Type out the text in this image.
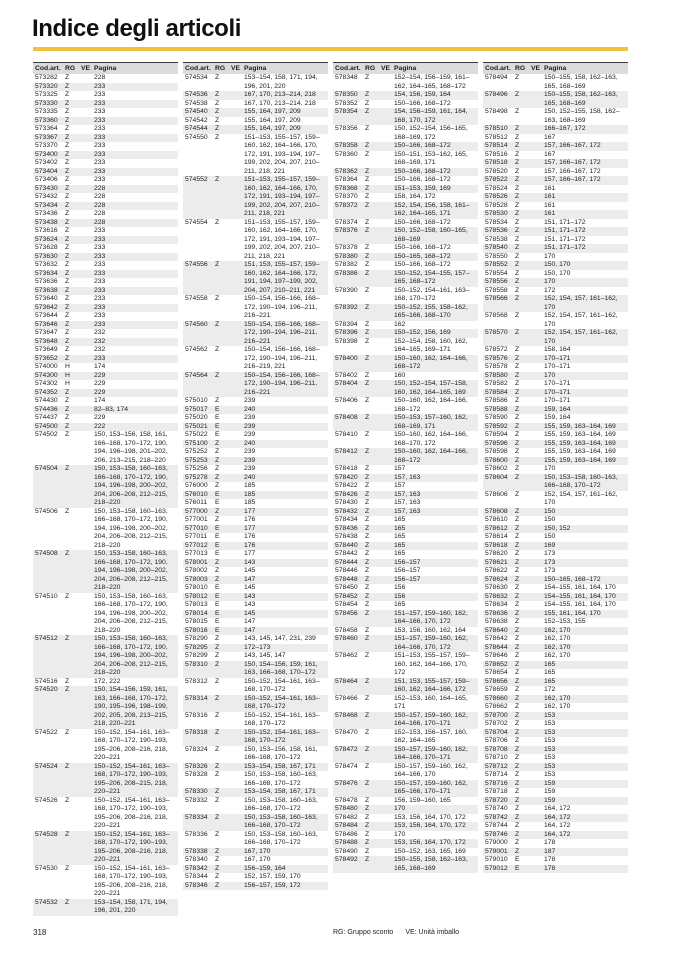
Indice degli articoli
Cod.art. RG VE Pagina
573282	Z	228
573320	Z	233
573325	Z	233
573330	Z	233
573335	Z	233
573360	Z	233
573364	Z	233
573367	Z	233
573370	Z	233
573400	Z	233
573402	Z	233
573404	Z	233
573406	Z	233
573430	Z	228
573432	Z	228
573434	Z	228
573436	Z	228
573438	Z	228
573616	Z	233
573624	Z	233
573628	Z	233
573630	Z	233
573632	Z	233
573634	Z	233
573636	Z	233
573638	Z	233
573640	Z	233
573642	Z	233
573644	Z	233
573646	Z	233
573647	Z	232
573648	Z	232
573649	Z	232
573652	Z	233
574000	H	174
574300	H	229
574302	H	229
574352	Z	229
574430	Z	174
574436	Z	82–83, 174
574437	Z	229
574500	Z	222
574502	Z	150, 153–156, 158, 161, 166–168, 170–172, 190, 194, 196–198, 201–202, 206, 213–215, 218–220
574504	Z	150, 153–158, 160–163, 166–168, 170–172, 190, 194, 196–198, 200–202, 204, 206–208, 212–215, 218–220
574506	Z	150, 153–158, 160–163, 166–168, 170–172, 190, 194, 196–198, 200–202, 204, 206–208, 212–215, 218–220
574508	Z	150, 153–158, 160–163, 166–168, 170–172, 190, 194, 196–198, 200–202, 204, 206–208, 212–215, 218–220
574510	Z	150, 153–158, 160–163, 166–168, 170–172, 190, 194, 196–198, 200–202, 204, 206–208, 212–215, 218–220
574512	Z	150, 153–158, 160–163, 166–168, 170–172, 190, 194, 196–198, 200–202, 204, 206–208, 212–215, 218–220
574516	Z	172, 222
574520	Z	150, 154–156, 159, 161, 163, 166–168, 170–172, 190, 195–196, 198–199, 202, 205, 208, 213–215, 218, 220–221
574522	Z	150–152, 154–161, 163–168, 170–172, 190–193, 195–206, 208–216, 218, 220–221
574524	Z	150–152, 154–161, 163–168, 170–172, 190–193, 195–206, 208–215, 218, 220–221
574526	Z	150–152, 154–161, 163–168, 170–172, 190–193, 195–206, 208–216, 218, 220–221
574528	Z	150–152, 154–161, 163–168, 170–172, 190–193, 195–206, 208–216, 218, 220–221
574530	Z	150–152, 154–161, 163–168, 170–172, 190–193, 195–206, 208–216, 218, 220–221
574532	Z	153–154, 158, 171, 194, 196, 201, 220
Cod.art. RG VE Pagina
574534	Z	153–154, 158, 171, 194, 196, 201, 220
574536	Z	167, 170, 213–214, 218
574538	Z	167, 170, 213–214, 218
574540	Z	155, 164, 197, 209
574542	Z	155, 164, 197, 209
574544	Z	155, 164, 197, 209
574550	Z	151–153, 155–157, 159–160, 162, 164–166, 170, 172, 191, 193–194, 197–199, 202, 204, 207, 210–211, 218, 221
574552	Z	151–153, 155–157, 159–160, 162, 164–166, 170, 172, 191, 193–194, 197–199, 202, 204, 207, 210–211, 218, 221
574554	Z	151–153, 155–157, 159–160, 162, 164–166, 170, 172, 191, 193–194, 197–199, 202, 204, 207, 210–211, 218, 221
574556	Z	151, 153, 155–157, 159–160, 162, 164–166, 172, 191, 194, 197–199, 202, 204, 207, 210–211, 221
574558	Z	150–154, 156–166, 168–172, 190–194, 196–211, 216–221
574560	Z	150–154, 156–166, 168–172, 190–194, 196–211, 216–221
574562	Z	150–154, 156–166, 168–172, 190–194, 196–211, 216–219, 221
574564	Z	150–154, 156–166, 168–172, 190–194, 196–211, 216–221
575010	Z	239
575017	E	240
575020	E	239
575021	E	239
575022	E	239
575100	Z	240
575252	Z	239
575253	Z	239
575256	Z	239
575278	Z	240
576000	Z	185
576010	E	185
576011	E	185
577000	Z	177
577001	Z	176
577010	E	177
577011	E	176
577012	E	176
577013	E	177
578001	Z	143
578002	Z	145
578003	Z	147
578010	E	145
578012	E	143
578013	E	143
578014	E	145
578015	E	147
578016	E	147
578290	Z	143, 145, 147, 231, 239
578295	Z	172–173
578299	Z	143, 145, 147
578310	Z	150, 154–156, 159, 161, 163, 166–168, 170–172
578312	Z	150–152, 154–161, 163–168, 170–172
578314	Z	150–152, 154–161, 163–168, 170–172
578316	Z	150–152, 154–161, 163–168, 170–172
578318	Z	150–152, 154–161, 163–168, 170–172
578324	Z	150, 153–156, 158, 161, 166–168, 170–172
578326	Z	153–154, 158, 167, 171
578328	Z	150, 153–158, 160–163, 166–168, 170–172
578330	Z	153–154, 158, 167, 171
578332	Z	150, 153–158, 160–163, 166–168, 170–172
578334	Z	150, 153–158, 160–163, 166–168, 170–172
578336	Z	150, 153–158, 160–163, 166–168, 170–172
578338	Z	167, 170
578340	Z	167, 170
578342	Z	156–159, 164
578344	Z	152, 157, 159, 170
578346	Z	156–157, 159, 172
Cod.art. RG VE Pagina
578348	Z	152–154, 156–159, 161–162, 164–165, 168–172
578350	Z	154, 156, 159, 164
578352	Z	150–166, 168–172
578354	Z	154, 156–159, 161, 164, 168, 170, 172
578356	Z	150, 152–154, 156–165, 168–169, 172
578358	Z	150–166, 168–172
578360	Z	150–151, 153–162, 165, 168–169, 171
578362	Z	150–166, 168–172
578364	Z	150–166, 168–172
578368	Z	151–153, 159, 169
578370	Z	158, 164, 172
578372	Z	152, 154, 156, 158, 161–162, 164–165, 171
578374	Z	150–166, 168–172
578376	Z	150, 152–158, 160–165, 168–169
578378	Z	150–166, 168–172
578380	Z	150–165, 168–172
578382	Z	150–166, 168–172
578386	Z	150–152, 154–155, 157–165, 168–172
578390	Z	150–152, 154–161, 163–168, 170–172
578392	Z	150–152, 155, 158–162, 165–166, 168–170
578394	Z	162
578396	Z	150–152, 156, 169
578398	Z	152–154, 158, 160, 162, 164–165, 169–171
578400	Z	150–160, 162, 164–166, 168–172
578402	Z	160
578404	Z	150, 152–154, 157–158, 160, 162, 164–165, 169
578406	Z	150–160, 162, 164–166, 168–172
578408	Z	150–153, 157–160, 162, 168–169, 171
578410	Z	150–160, 162, 164–166, 168–170, 172
578412	Z	150–160, 162, 164–166, 168–172
578418	Z	157
578420	Z	157, 163
578422	Z	157
578426	Z	157, 163
578430	Z	157, 163
578432	Z	157, 163
578434	Z	165
578436	Z	165
578438	Z	165
578440	Z	165
578442	Z	165
578444	Z	156–157
578446	Z	156–157
578448	Z	156–157
578450	Z	156
578452	Z	156
578454	Z	165
578456	Z	151–157, 159–160, 162, 164–166, 170, 172
578458	Z	153, 156, 160, 162, 164
578460	Z	151–157, 159–160, 162, 164–166, 170, 172
578462	Z	151–153, 155–157, 159–160, 162, 164–166, 170, 172
578464	Z	151, 153, 155–157, 159–160, 162, 164–166, 172
578466	Z	152–153, 160, 164–165, 171
578468	Z	150–157, 159–160, 162, 164–166, 170–171
578470	Z	152–153, 156–157, 160, 162, 164–165
578472	Z	150–157, 159–160, 162, 164–166, 170–171
578474	Z	150–157, 159–160, 162, 164–166, 170
578476	Z	150–157, 159–160, 162, 165–166, 170–171
578478	Z	156, 159–160, 165
578480	Z	170
578482	Z	153, 156, 164, 170, 172
578484	Z	153, 156, 164, 170, 172
578486	Z	170
578488	Z	153, 156, 164, 170, 172
578490	Z	150–152, 163, 165, 169
578492	Z	150–155, 158, 162–163, 165, 168–169
Cod.art. RG VE Pagina
578494	Z	150–155, 158, 162–163, 165, 168–169
578496	Z	150–155, 158, 162–163, 165, 168–169
578498	Z	150, 152–155, 158, 162–163, 168–169
578510	Z	166–167, 172
578512	Z	167
578514	Z	157, 166–167, 172
578516	Z	167
578518	Z	157, 166–167, 172
578520	Z	157, 166–167, 172
578522	Z	157, 166–167, 172
578524	Z	161
578526	Z	161
578528	Z	161
578530	Z	161
578534	Z	151, 171–172
578536	Z	151, 171–172
578538	Z	151, 171–172
578540	Z	151, 171–172
578550	Z	170
578552	Z	150, 170
578554	Z	150, 170
578556	Z	170
578558	Z	172
578566	Z	152, 154, 157, 161–162, 170
578568	Z	152, 154, 157, 161–162, 170
578570	Z	152, 154, 157, 161–162, 170
578572	Z	158, 164
578576	Z	170–171
578578	Z	170–171
578580	Z	170
578582	Z	170–171
578584	Z	170–171
578586	Z	170–171
578588	Z	159, 164
578590	Z	159, 164
578592	Z	155, 159, 163–164, 169
578594	Z	155, 159, 163–164, 169
578596	Z	155, 159, 163–164, 169
578598	Z	155, 159, 163–164, 169
578600	Z	155, 159, 163–164, 169
578602	Z	170
578604	Z	150, 153–158, 160–163, 166–168, 170–172
578606	Z	152, 154, 157, 161–162, 170
578608	Z	150
578610	Z	150
578612	Z	150, 152
578614	Z	150
578618	Z	169
578620	Z	173
578621	Z	173
578622	Z	173
578624	Z	150–165, 168–172
578630	Z	154–155, 161, 164, 170
578632	Z	154–155, 161, 164, 170
578634	Z	154–155, 161, 164, 170
578636	Z	155, 161, 164, 170
578638	Z	152–153, 155
578640	Z	162, 170
578642	Z	162, 170
578644	Z	162, 170
578646	Z	162, 170
578652	Z	165
578654	Z	165
578656	Z	165
578659	Z	172
578660	Z	162, 170
578662	Z	162, 170
578700	Z	153
578702	Z	153
578704	Z	153
578706	Z	153
578708	Z	153
578710	Z	153
578712	Z	153
578714	Z	153
578716	Z	159
578718	Z	159
578720	Z	159
578740	Z	164, 172
578742	Z	164, 172
578744	Z	164, 172
578746	Z	164, 172
579000	Z	178
579001	Z	187
579010	E	178
579012	E	178
318	RG: Gruppo sconto VE: Unità imballo
